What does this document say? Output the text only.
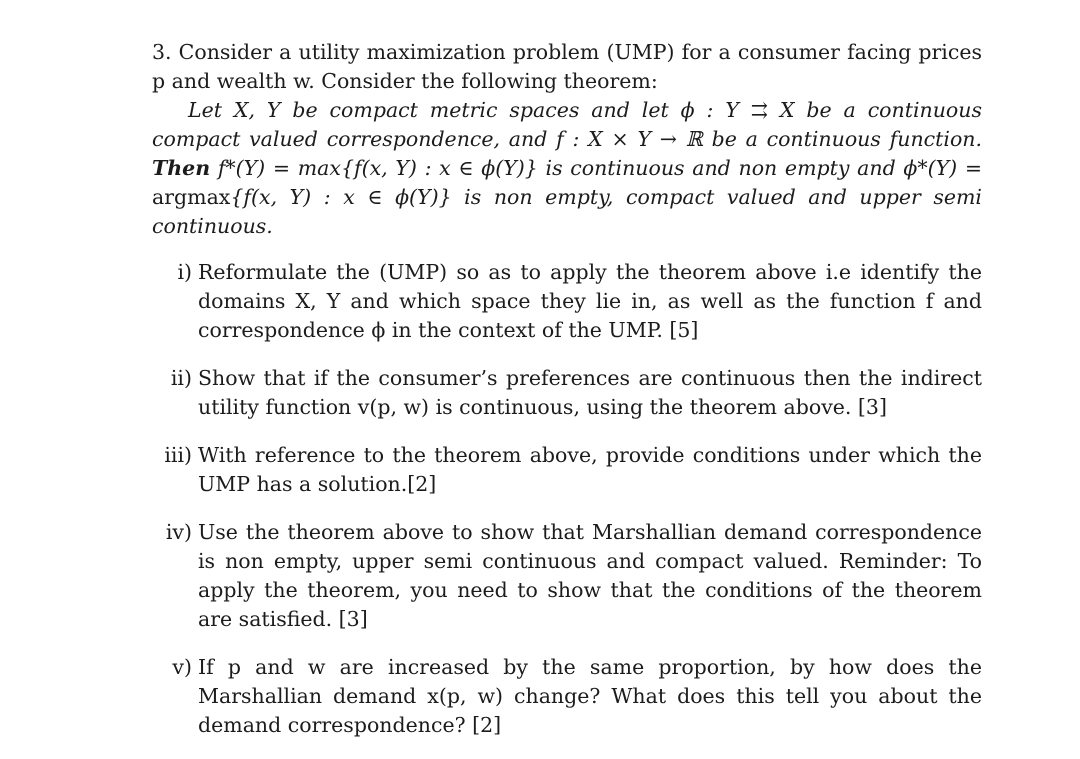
3. Consider a utility maximization problem (UMP) for a consumer facing prices p and wealth w. Consider the following theorem:

Let X, Y be compact metric spaces and let ϕ : Y ⇉ X be a continuous compact valued correspondence, and f : X × Y → ℝ be a continuous function. Then f*(Y) = max{f(x, Y) : x ∈ ϕ(Y)} is continuous and non empty and ϕ*(Y) = argmax{f(x, Y) : x ∈ ϕ(Y)} is non empty, compact valued and upper semi continuous.

i) Reformulate the (UMP) so as to apply the theorem above i.e identify the domains X, Y and which space they lie in, as well as the function f and correspondence ϕ in the context of the UMP. [5]
ii) Show that if the consumer’s preferences are continuous then the indirect utility function v(p, w) is continuous, using the theorem above. [3]
iii) With reference to the theorem above, provide conditions under which the UMP has a solution.[2]
iv) Use the theorem above to show that Marshallian demand correspondence is non empty, upper semi continuous and compact valued. Reminder: To apply the theorem, you need to show that the conditions of the theorem are satisfied. [3]
v) If p and w are increased by the same proportion, by how does the Marshallian demand x(p, w) change? What does this tell you about the demand correspondence? [2]
